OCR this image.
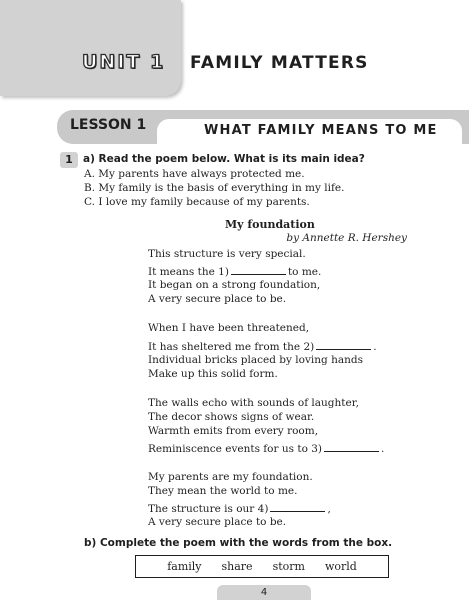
UNIT 1 FAMILY MATTERS
LESSON 1	WHAT FAMILY MEANS TO ME
1 a) Read the poem below. What is its main idea?
A. My parents have always protected me.
B. My family is the basis of everything in my life.
C. I love my family because of my parents.
My foundation
by Annette R. Hershey
This structure is very special.
It means the 1)	to me.
It began on a strong foundation,
A very secure place to be.
When I have been threatened,
It has sheltered me from the 2)	.
Individual bricks placed by loving hands
Make up this solid form.
The walls echo with sounds of laughter,
The decor shows signs of wear.
Warmth emits from every room,
Reminiscence events for us to 3)	.
My parents are my foundation.
They mean the world to me.
The structure is our 4)	,
A very secure place to be.
b) Complete the poem with the words from the box.
family share storm world
4
